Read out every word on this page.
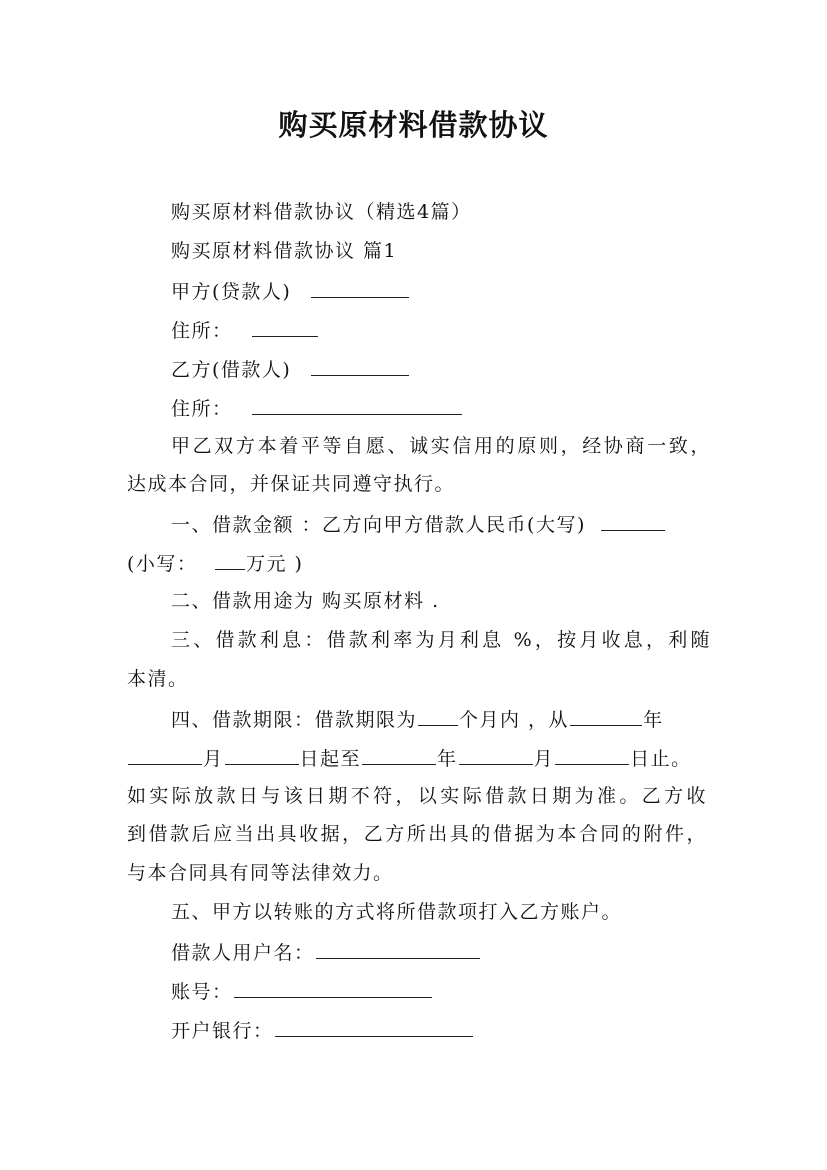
购买原材料借款协议
购买原材料借款协议（精选4篇）
购买原材料借款协议 篇1
甲方(贷款人)
住所：
乙方(借款人)
住所：
甲乙双方本着平等自愿、诚实信用的原则，经协商一致，
达成本合同，并保证共同遵守执行。
一、借款金额 ：乙方向甲方借款人民币(大写)
(小写：	万元 )
二、借款用途为 购买原材料 .
三、借款利息：借款利率为月利息 %，按月收息，利随
本清。
四、借款期限：借款期限为 个月内 ，从	年
月	日起至	年	月	日止。
如实际放款日与该日期不符，以实际借款日期为准。乙方收
到借款后应当出具收据，乙方所出具的借据为本合同的附件，
与本合同具有同等法律效力。
五、甲方以转账的方式将所借款项打入乙方账户。
借款人用户名：
账号：
开户银行：
